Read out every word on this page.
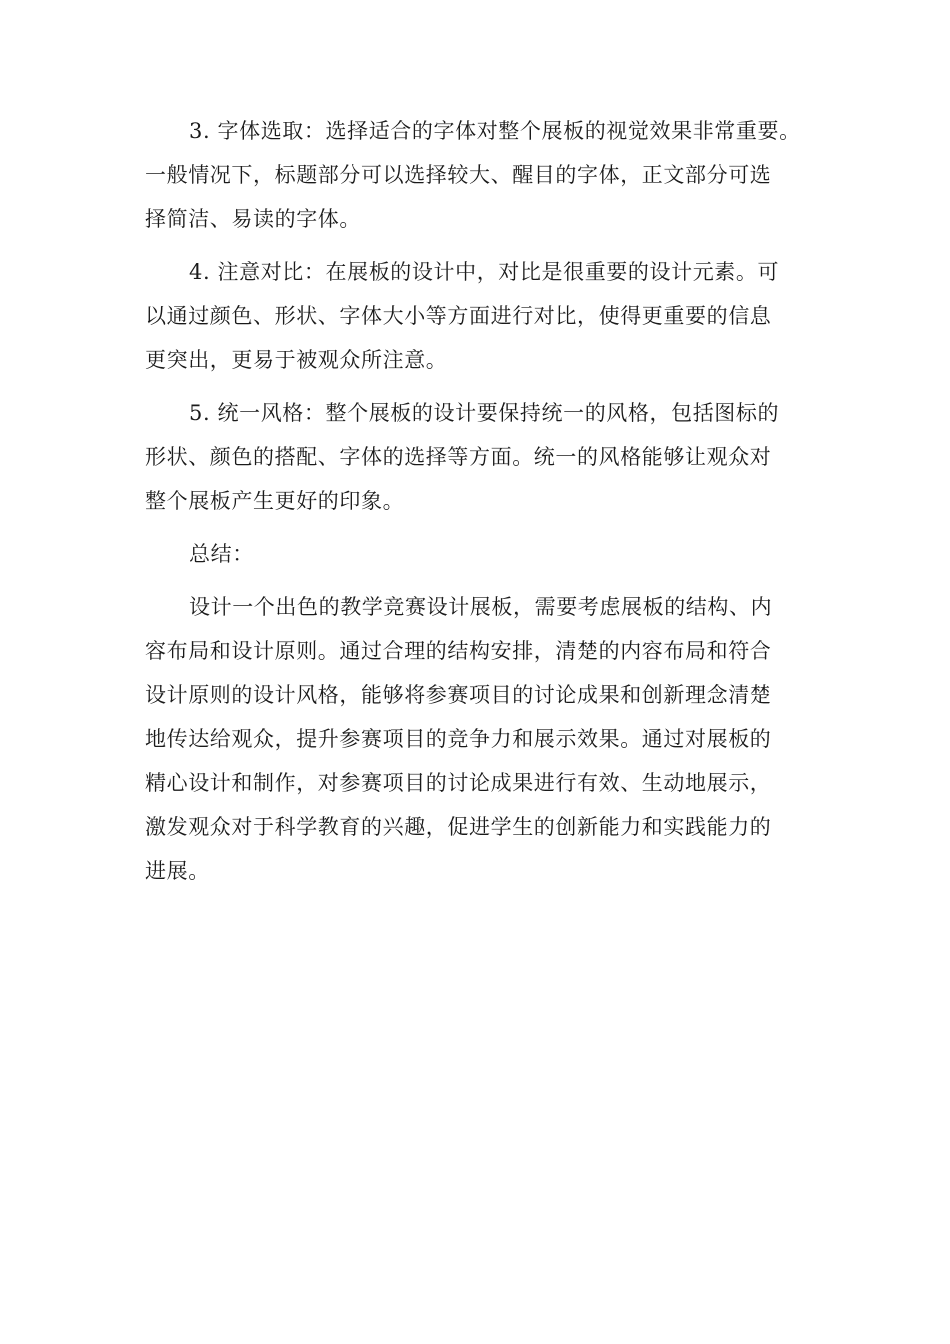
3. 字体选取：选择适合的字体对整个展板的视觉效果非常重要。
一般情况下，标题部分可以选择较大、醒目的字体，正文部分可选
择简洁、易读的字体。
4. 注意对比：在展板的设计中，对比是很重要的设计元素。可
以通过颜色、形状、字体大小等方面进行对比，使得更重要的信息
更突出，更易于被观众所注意。
5. 统一风格：整个展板的设计要保持统一的风格，包括图标的
形状、颜色的搭配、字体的选择等方面。统一的风格能够让观众对
整个展板产生更好的印象。
总结：
设计一个出色的教学竞赛设计展板，需要考虑展板的结构、内
容布局和设计原则。通过合理的结构安排，清楚的内容布局和符合
设计原则的设计风格，能够将参赛项目的讨论成果和创新理念清楚
地传达给观众，提升参赛项目的竞争力和展示效果。通过对展板的
精心设计和制作，对参赛项目的讨论成果进行有效、生动地展示，
激发观众对于科学教育的兴趣，促进学生的创新能力和实践能力的
进展。
